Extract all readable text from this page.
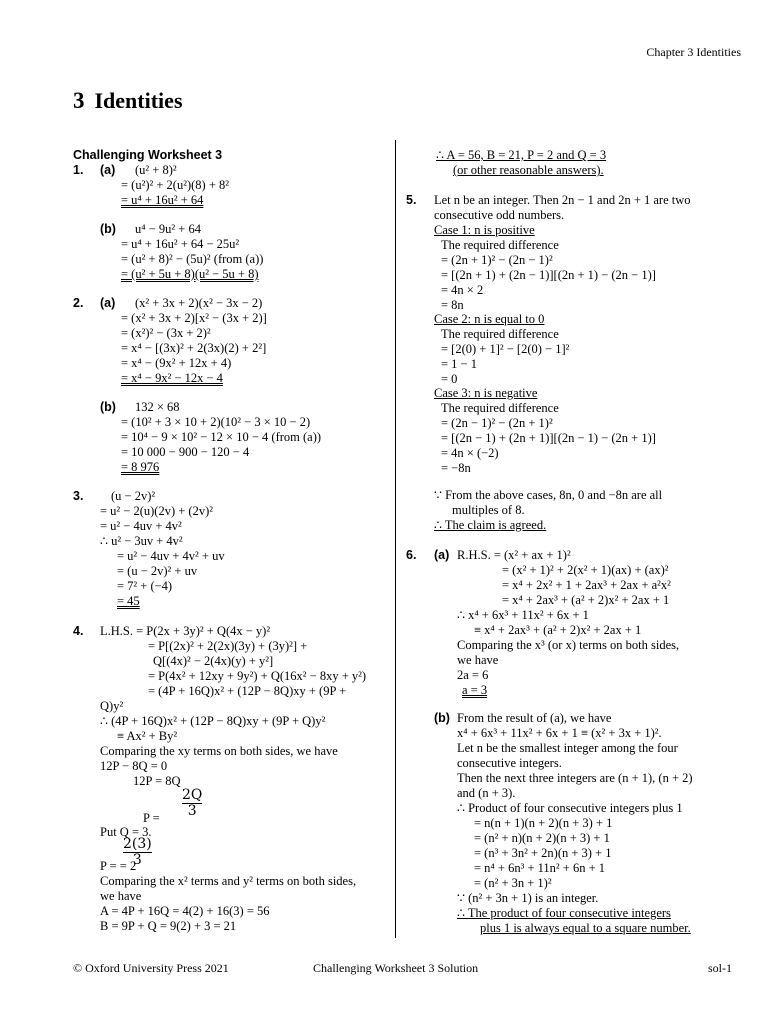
Chapter 3 Identities
3 Identities
Challenging Worksheet 3
1. (a) (u² + 8)²
= (u²)² + 2(u²)(8) + 8²
= u⁴ + 16u² + 64
(b) u⁴ − 9u² + 64
= u⁴ + 16u² + 64 − 25u²
= (u² + 8)² − (5u)² (from (a))
= (u² + 5u + 8)(u² − 5u + 8)
2. (a) (x² + 3x + 2)(x² − 3x − 2)
= (x² + 3x + 2)[x² − (3x + 2)]
= (x²)² − (3x + 2)²
= x⁴ − [(3x)² + 2(3x)(2) + 2²]
= x⁴ − (9x² + 12x + 4)
= x⁴ − 9x² − 12x − 4
(b) 132 × 68
= (10² + 3 × 10 + 2)(10² − 3 × 10 − 2)
= 10⁴ − 9 × 10² − 12 × 10 − 4 (from (a))
= 10 000 − 900 − 120 − 4
= 8 976
3. (u − 2v)²
= u² − 2(u)(2v) + (2v)²
= u² − 4uv + 4v²
∴ u² − 3uv + 4v²
= u² − 4uv + 4v² + uv
= (u − 2v)² + uv
= 7² + (−4)
= 45
4. L.H.S. = P(2x + 3y)² + Q(4x − y)²
= P[(2x)² + 2(2x)(3y) + (3y)²] +
Q[(4x)² − 2(4x)(y) + y²]
= P(4x² + 12xy + 9y²) + Q(16x² − 8xy + y²)
= (4P + 16Q)x² + (12P − 8Q)xy + (9P +
Q)y²
∴ (4P + 16Q)x² + (12P − 8Q)xy + (9P + Q)y²
≡ Ax² + By²
Comparing the xy terms on both sides, we have
12P − 8Q = 0
12P = 8Q
P =
Put Q = 3.
P = = 2
Comparing the x² terms and y² terms on both sides,
we have
A = 4P + 16Q = 4(2) + 16(3) = 56
B = 9P + Q = 9(2) + 3 = 21
$\frac{2Q}{3}$
$\frac{2(3)}{3}$
∴ A = 56, B = 21, P = 2 and Q = 3
(or other reasonable answers).
5. Let n be an integer. Then 2n − 1 and 2n + 1 are two
consecutive odd numbers.
Case 1: n is positive
The required difference
= (2n + 1)² − (2n − 1)²
= [(2n + 1) + (2n − 1)][(2n + 1) − (2n − 1)]
= 4n × 2
= 8n
Case 2: n is equal to 0
The required difference
= [2(0) + 1]² − [2(0) − 1]²
= 1 − 1
= 0
Case 3: n is negative
The required difference
= (2n − 1)² − (2n + 1)²
= [(2n − 1) + (2n + 1)][(2n − 1) − (2n + 1)]
= 4n × (−2)
= −8n
∵ From the above cases, 8n, 0 and −8n are all
multiples of 8.
∴ The claim is agreed.
6. (a) R.H.S. = (x² + ax + 1)²
= (x² + 1)² + 2(x² + 1)(ax) + (ax)²
= x⁴ + 2x² + 1 + 2ax³ + 2ax + a²x²
= x⁴ + 2ax³ + (a² + 2)x² + 2ax + 1
∴ x⁴ + 6x³ + 11x² + 6x + 1
≡ x⁴ + 2ax³ + (a² + 2)x² + 2ax + 1
Comparing the x³ (or x) terms on both sides,
we have
2a = 6
a = 3
(b) From the result of (a), we have
x⁴ + 6x³ + 11x² + 6x + 1 ≡ (x² + 3x + 1)².
Let n be the smallest integer among the four
consecutive integers.
Then the next three integers are (n + 1), (n + 2)
and (n + 3).
∴ Product of four consecutive integers plus 1
= n(n + 1)(n + 2)(n + 3) + 1
= (n² + n)(n + 2)(n + 3) + 1
= (n³ + 3n² + 2n)(n + 3) + 1
= n⁴ + 6n³ + 11n² + 6n + 1
= (n² + 3n + 1)²
∵ (n² + 3n + 1) is an integer.
∴ The product of four consecutive integers
plus 1 is always equal to a square number.
© Oxford University Press 2021	Challenging Worksheet 3 Solution	sol-1
